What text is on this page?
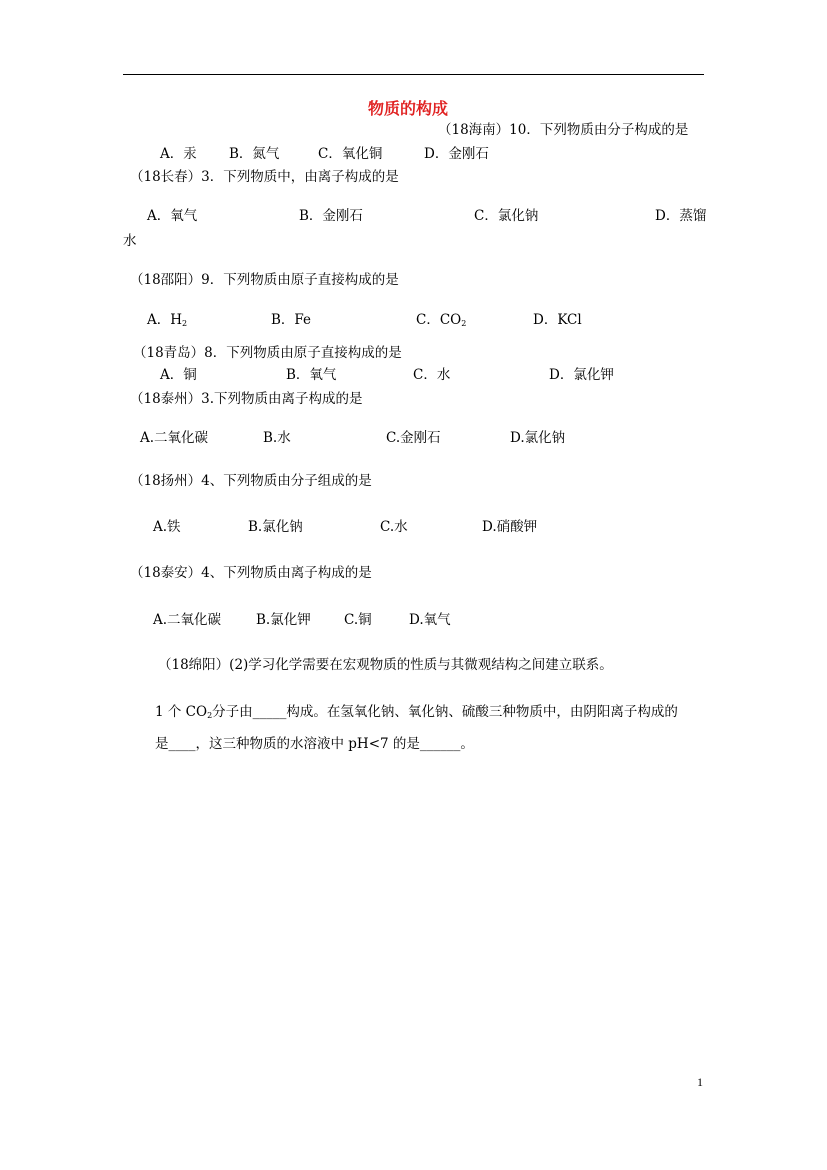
物质的构成
（18海南）10．下列物质由分子构成的是
A．汞 B．氮气	C．氧化铜	D．金刚石
（18长春）3．下列物质中，由离子构成的是
A．氧气	B．金刚石	C．氯化钠	D．蒸馏
水
（18邵阳）9．下列物质由原子直接构成的是
A．$H_2$	B．Fe	C．$CO_2$	D．KCl
（18青岛）8．下列物质由原子直接构成的是
A．铜	B．氧气	C．水	D．氯化钾
（18泰州）3.下列物质由离子构成的是
A.二氧化碳	B.水	C.金刚石	D.氯化钠
（18扬州）4、下列物质由分子组成的是
A.铁	B.氯化钠	C.水	D.硝酸钾
（18泰安）4、下列物质由离子构成的是
A.二氧化碳	B.氯化钾 C.铜	D.氧气
（18绵阳）(2)学习化学需要在宏观物质的性质与其微观结构之间建立联系。
1 个 $CO_2$分子由_____构成。在氢氧化钠、氧化钠、硫酸三种物质中，由阴阳离子构成的
是____，这三种物质的水溶液中 pH<7 的是______。
1
